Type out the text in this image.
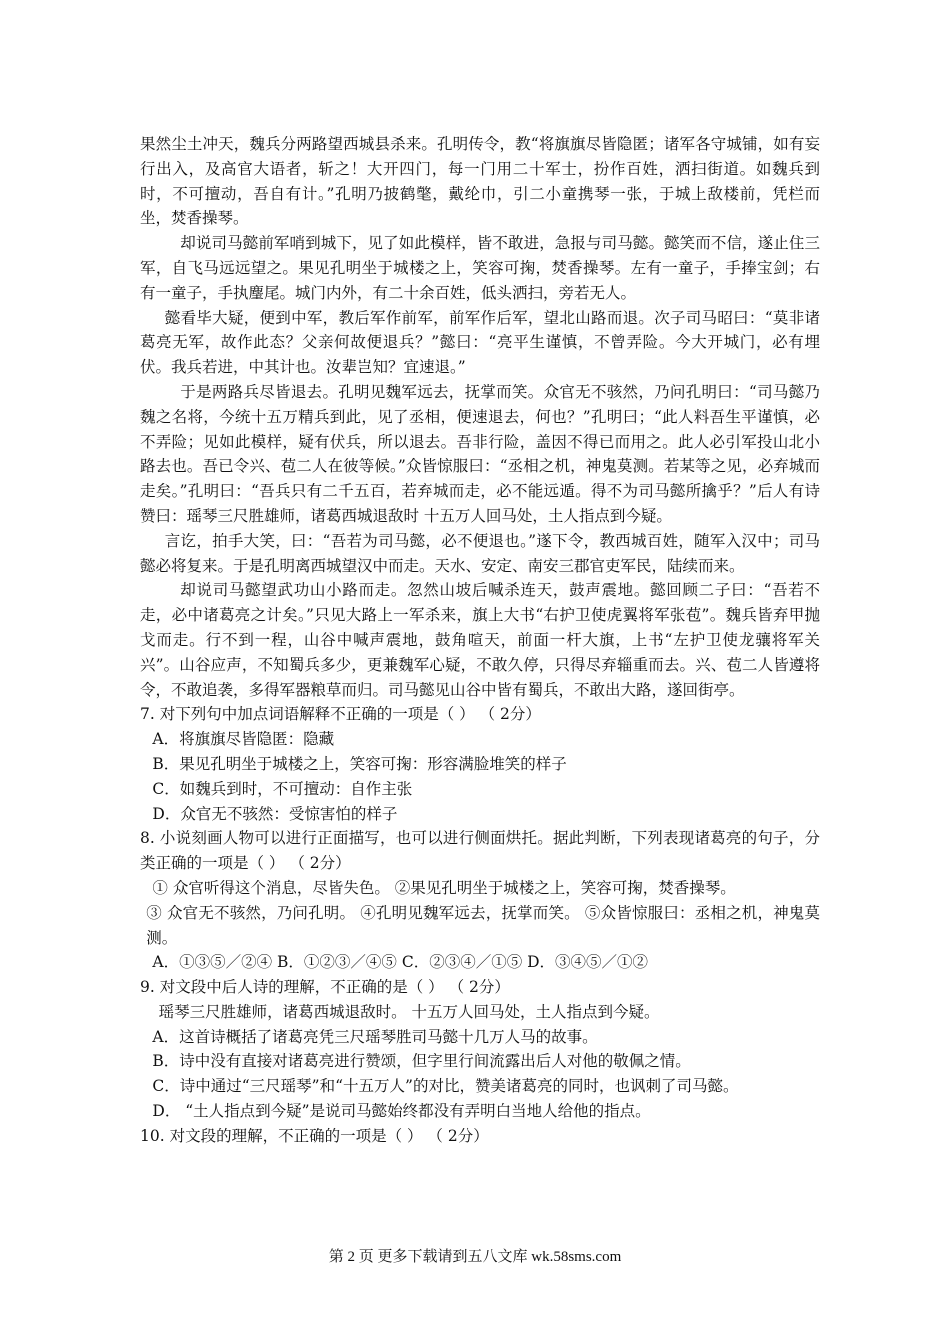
果然尘土冲天，魏兵分两路望西城县杀来。孔明传令，教“将旗旗尽皆隐匿；诸军各守城铺，如有妄行出入，及高官大语者，斩之！大开四门，每一门用二十军士，扮作百姓，洒扫街道。如魏兵到时，不可擅动，吾自有计。”孔明乃披鹤氅，戴纶巾，引二小童携琴一张，于城上敌楼前，凭栏而坐，焚香操琴。

却说司马懿前军哨到城下，见了如此模样，皆不敢进，急报与司马懿。懿笑而不信，遂止住三军，自飞马远远望之。果见孔明坐于城楼之上，笑容可掬，焚香操琴。左有一童子，手捧宝剑；右有一童子，手执麈尾。城门内外，有二十余百姓，低头洒扫，旁若无人。

懿看毕大疑，便到中军，教后军作前军，前军作后军，望北山路而退。次子司马昭曰：“莫非诸葛亮无军，故作此态？父亲何故便退兵？”懿曰：“亮平生谨慎，不曾弄险。今大开城门，必有埋伏。我兵若进，中其计也。汝辈岂知？宜速退。”

于是两路兵尽皆退去。孔明见魏军远去，抚掌而笑。众官无不骇然，乃问孔明曰：“司马懿乃魏之名将，今统十五万精兵到此，见了丞相，便速退去，何也？”孔明曰；“此人料吾生平谨慎，必不弄险；见如此模样，疑有伏兵，所以退去。吾非行险，盖因不得已而用之。此人必引军投山北小路去也。吾已令兴、苞二人在彼等候。”众皆惊服曰：“丞相之机，神鬼莫测。若某等之见，必弃城而走矣。”孔明曰：“吾兵只有二千五百，若弃城而走，必不能远遁。得不为司马懿所擒乎？”后人有诗赞曰：瑶琴三尺胜雄师，诸葛西城退敌时 十五万人回马处，土人指点到今疑。

言讫，拍手大笑，曰：“吾若为司马懿，必不便退也。”遂下令，教西城百姓，随军入汉中；司马懿必将复来。于是孔明离西城望汉中而走。天水、安定、南安三郡官吏军民，陆续而来。

却说司马懿望武功山小路而走。忽然山坡后喊杀连天，鼓声震地。懿回顾二子曰：“吾若不走，必中诸葛亮之计矣。”只见大路上一军杀来，旗上大书“右护卫使虎翼将军张苞”。魏兵皆弃甲抛戈而走。行不到一程，山谷中喊声震地，鼓角喧天，前面一杆大旗，上书“左护卫使龙骧将军关兴”。山谷应声，不知蜀兵多少，更兼魏军心疑，不敢久停，只得尽弃辎重而去。兴、苞二人皆遵将令，不敢追袭，多得军器粮草而归。司马懿见山谷中皆有蜀兵，不敢出大路，遂回街亭。

7. 对下列句中加点词语解释不正确的一项是（ ） （ 2分）

A．将旗旗尽皆隐匿：隐藏

B．果见孔明坐于城楼之上，笑容可掬：形容满脸堆笑的样子

C．如魏兵到时，不可擅动：自作主张

D．众官无不骇然：受惊害怕的样子

8. 小说刻画人物可以进行正面描写，也可以进行侧面烘托。据此判断，下列表现诸葛亮的句子，分类正确的一项是（ ） （ 2分）

① 众官听得这个消息，尽皆失色。 ②果见孔明坐于城楼之上，笑容可掬，焚香操琴。

③ 众官无不骇然，乃问孔明。 ④孔明见魏军远去，抚掌而笑。 ⑤众皆惊服曰：丞相之机，神鬼莫测。

A．①③⑤／②④ B．①②③／④⑤ C．②③④／①⑤ D．③④⑤／①②

9. 对文段中后人诗的理解，不正确的是（ ） （ 2分）

瑶琴三尺胜雄师，诸葛西城退敌时。 十五万人回马处，土人指点到今疑。

A．这首诗概括了诸葛亮凭三尺瑶琴胜司马懿十几万人马的故事。

B．诗中没有直接对诸葛亮进行赞颂，但字里行间流露出后人对他的敬佩之情。

C．诗中通过“三尺瑶琴”和“十五万人”的对比，赞美诸葛亮的同时，也讽刺了司马懿。

D． “土人指点到今疑”是说司马懿始终都没有弄明白当地人给他的指点。

10. 对文段的理解，不正确的一项是（ ） （ 2分）

第 2 页 更多下载请到五八文库 wk.58sms.com
